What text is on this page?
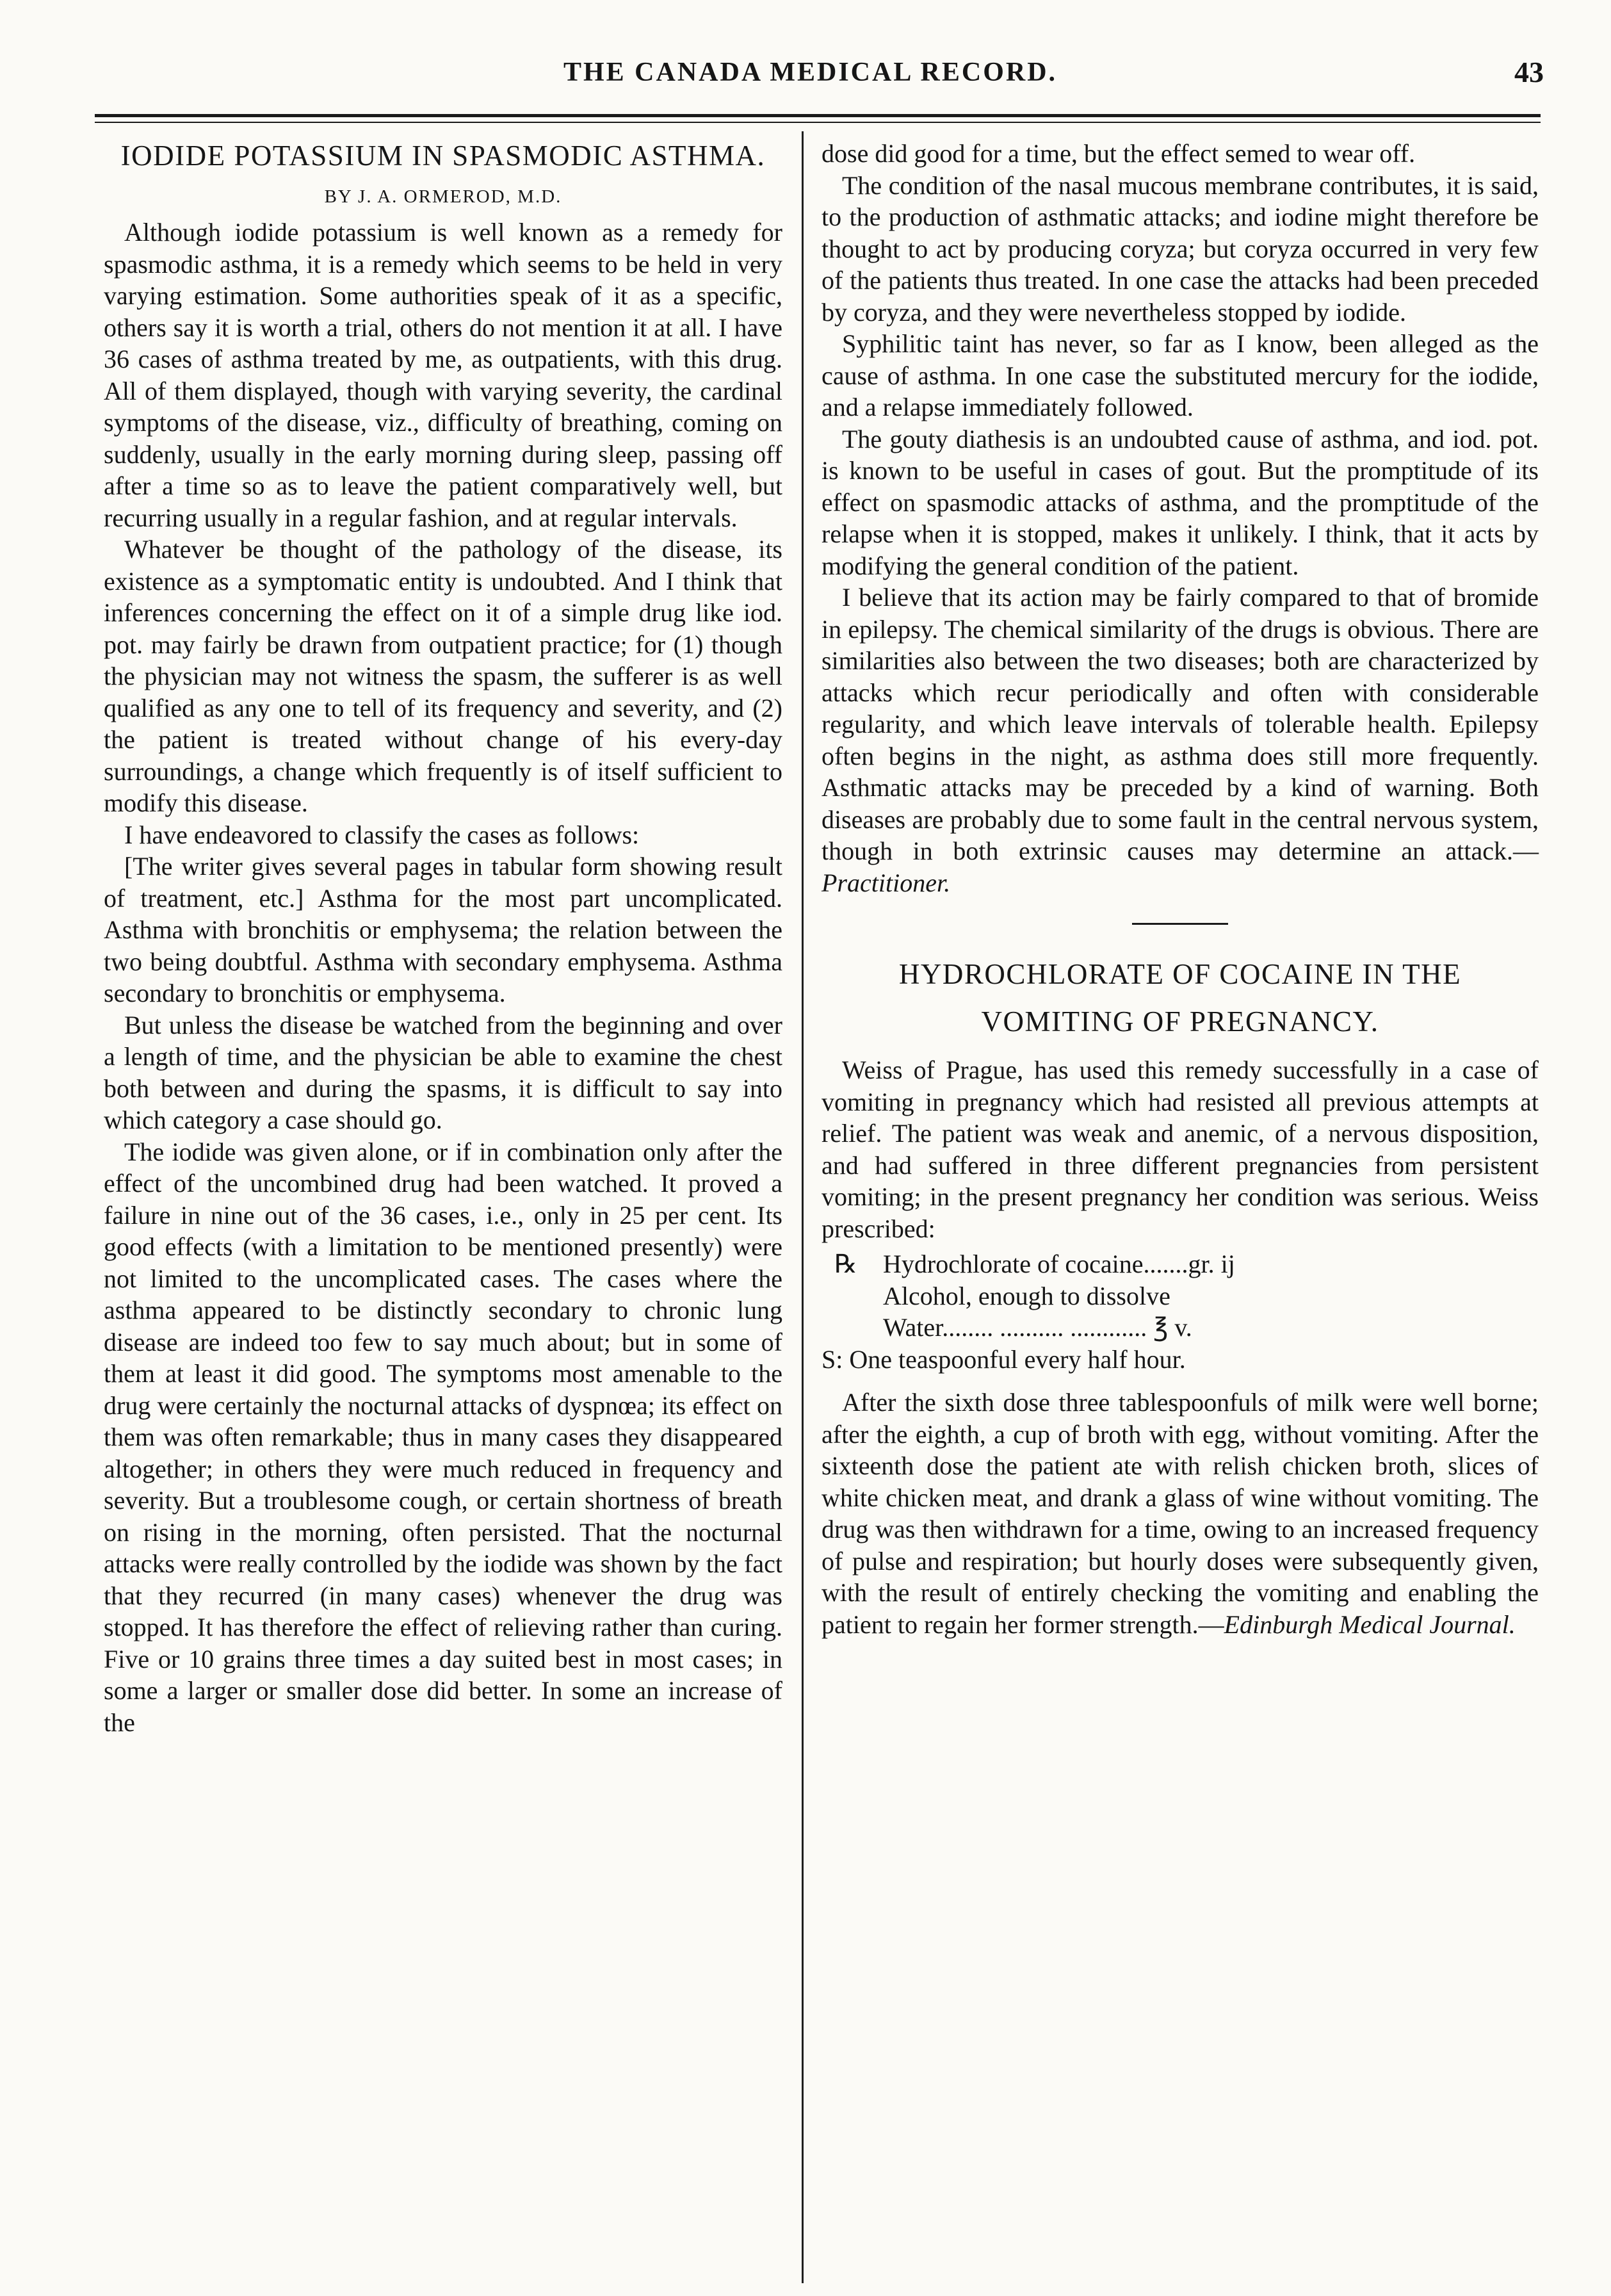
THE CANADA MEDICAL RECORD.	43
IODIDE POTASSIUM IN SPASMODIC ASTHMA.
BY J. A. ORMEROD, M.D.

Although iodide potassium is well known as a remedy for spasmodic asthma, it is a remedy which seems to be held in very varying estimation. Some authorities speak of it as a specific, others say it is worth a trial, others do not mention it at all. I have 36 cases of asthma treated by me, as outpatients, with this drug. All of them displayed, though with varying severity, the cardinal symptoms of the disease, viz., difficulty of breathing, coming on suddenly, usually in the early morning during sleep, passing off after a time so as to leave the patient comparatively well, but recurring usually in a regular fashion, and at regular intervals.

Whatever be thought of the pathology of the disease, its existence as a symptomatic entity is undoubted. And I think that inferences concerning the effect on it of a simple drug like iod. pot. may fairly be drawn from outpatient practice; for (1) though the physician may not witness the spasm, the sufferer is as well qualified as any one to tell of its frequency and severity, and (2) the patient is treated without change of his every-day surroundings, a change which frequently is of itself sufficient to modify this disease.

I have endeavored to classify the cases as follows:

[The writer gives several pages in tabular form showing result of treatment, etc.] Asthma for the most part uncomplicated. Asthma with bronchitis or emphysema; the relation between the two being doubtful. Asthma with secondary emphysema. Asthma secondary to bronchitis or emphysema.

But unless the disease be watched from the beginning and over a length of time, and the physician be able to examine the chest both between and during the spasms, it is difficult to say into which category a case should go.

The iodide was given alone, or if in combination only after the effect of the uncombined drug had been watched. It proved a failure in nine out of the 36 cases, i.e., only in 25 per cent. Its good effects (with a limitation to be mentioned presently) were not limited to the uncomplicated cases. The cases where the asthma appeared to be distinctly secondary to chronic lung disease are indeed too few to say much about; but in some of them at least it did good. The symptoms most amenable to the drug were certainly the nocturnal attacks of dyspnœa; its effect on them was often remarkable; thus in many cases they disappeared altogether; in others they were much reduced in frequency and severity. But a troublesome cough, or certain shortness of breath on rising in the morning, often persisted. That the nocturnal attacks were really controlled by the iodide was shown by the fact that they recurred (in many cases) whenever the drug was stopped. It has therefore the effect of relieving rather than curing. Five or 10 grains three times a day suited best in most cases; in some a larger or smaller dose did better. In some an increase of the

dose did good for a time, but the effect semed to wear off.

The condition of the nasal mucous membrane contributes, it is said, to the production of asthmatic attacks; and iodine might therefore be thought to act by producing coryza; but coryza occurred in very few of the patients thus treated. In one case the attacks had been preceded by coryza, and they were nevertheless stopped by iodide.

Syphilitic taint has never, so far as I know, been alleged as the cause of asthma. In one case the substituted mercury for the iodide, and a relapse immediately followed.

The gouty diathesis is an undoubted cause of asthma, and iod. pot. is known to be useful in cases of gout. But the promptitude of its effect on spasmodic attacks of asthma, and the promptitude of the relapse when it is stopped, makes it unlikely. I think, that it acts by modifying the general condition of the patient.

I believe that its action may be fairly compared to that of bromide in epilepsy. The chemical similarity of the drugs is obvious. There are similarities also between the two diseases; both are characterized by attacks which recur periodically and often with considerable regularity, and which leave intervals of tolerable health. Epilepsy often begins in the night, as asthma does still more frequently. Asthmatic attacks may be preceded by a kind of warning. Both diseases are probably due to some fault in the central nervous system, though in both extrinsic causes may determine an attack.—Practitioner.

HYDROCHLORATE OF COCAINE IN THE
VOMITING OF PREGNANCY.

Weiss of Prague, has used this remedy successfully in a case of vomiting in pregnancy which had resisted all previous attempts at relief. The patient was weak and anemic, of a nervous disposition, and had suffered in three different pregnancies from persistent vomiting; in the present pregnancy her condition was serious. Weiss prescribed:

℞	Hydrochlorate of cocaine.......gr. ij
Alcohol, enough to dissolve
Water........ .......... ............ ℥ v.
S: One teaspoonful every half hour.

After the sixth dose three tablespoonfuls of milk were well borne; after the eighth, a cup of broth with egg, without vomiting. After the sixteenth dose the patient ate with relish chicken broth, slices of white chicken meat, and drank a glass of wine without vomiting. The drug was then withdrawn for a time, owing to an increased frequency of pulse and respiration; but hourly doses were subsequently given, with the result of entirely checking the vomiting and enabling the patient to regain her former strength.—Edinburgh Medical Journal.
